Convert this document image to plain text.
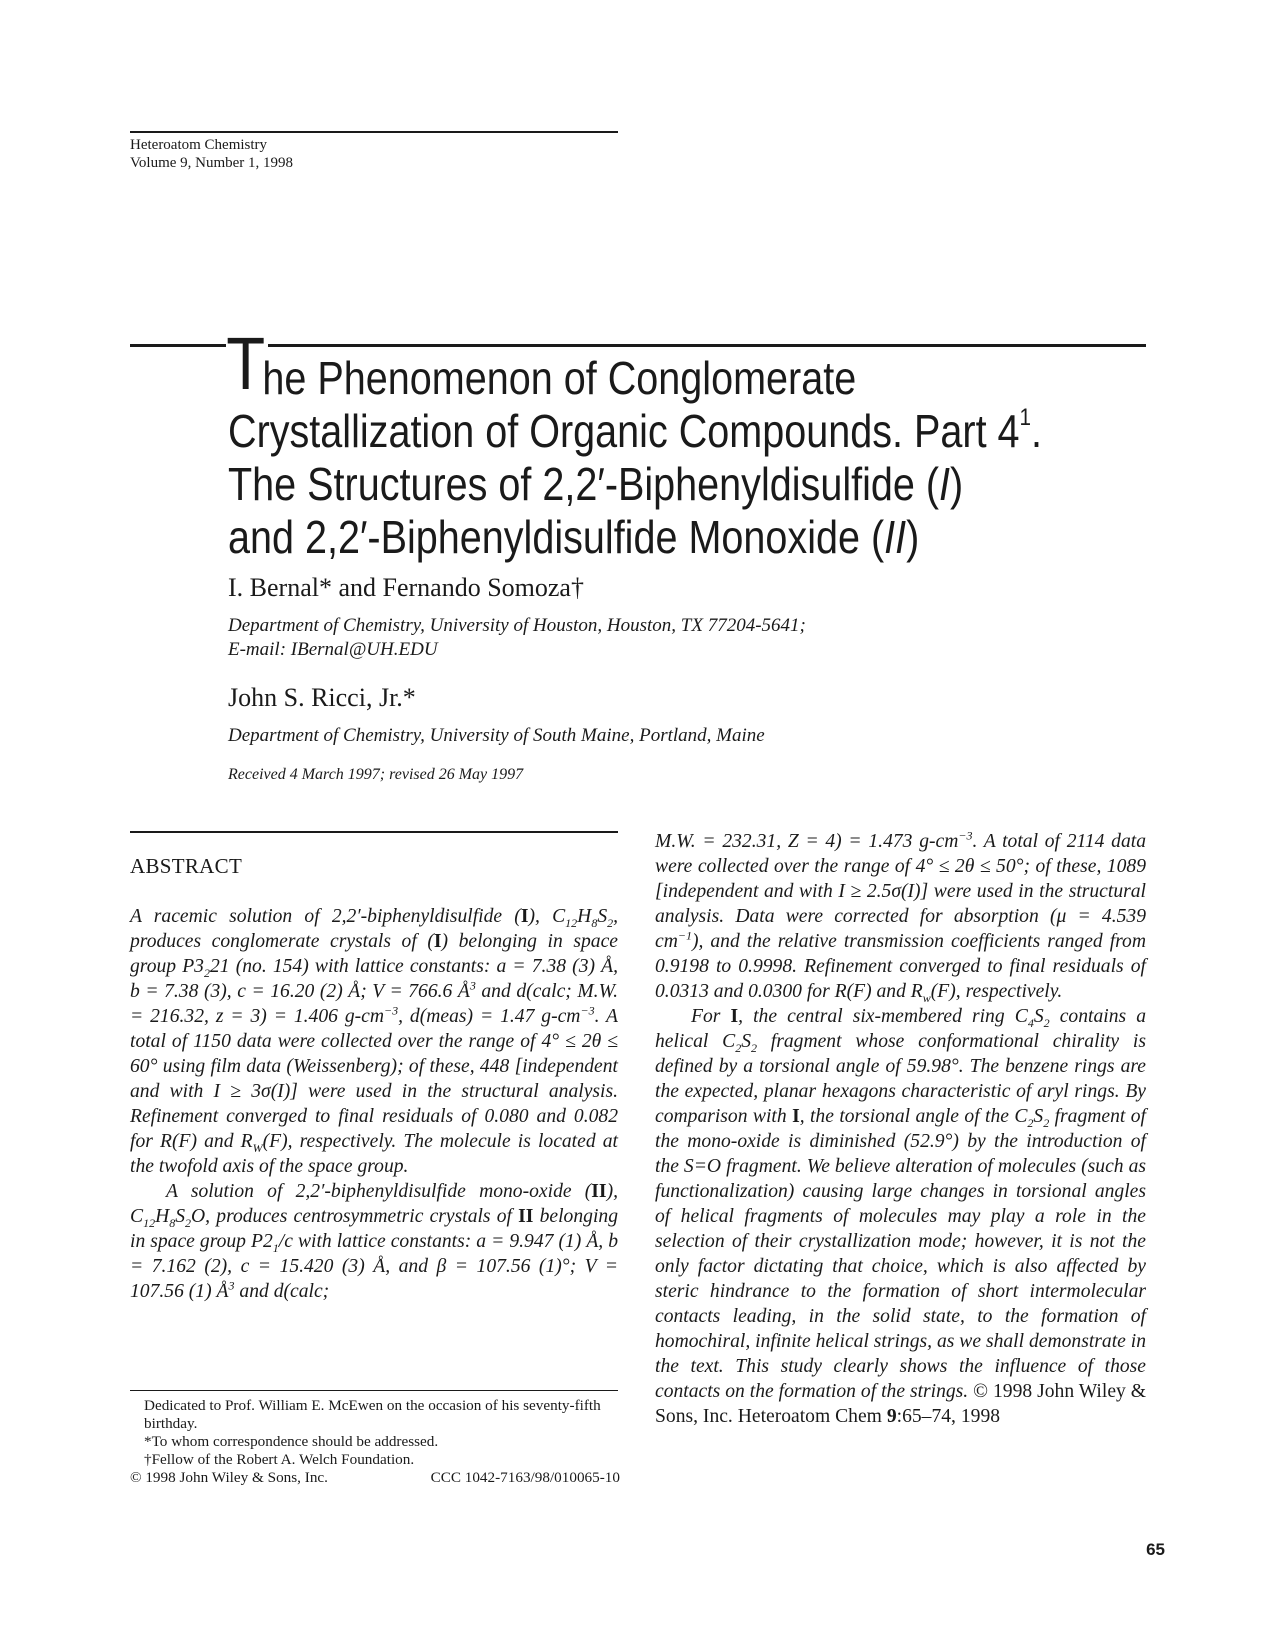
Heteroatom Chemistry
Volume 9, Number 1, 1998
T
he Phenomenon of Conglomerate
Crystallization of Organic Compounds. Part $4^1$.
The Structures of 2,2′-Biphenyldisulfide (I)
and 2,2′-Biphenyldisulfide Monoxide (II)
I. Bernal* and Fernando Somoza†
Department of Chemistry, University of Houston, Houston, TX 77204-5641;
E-mail: IBernal@UH.EDU
John S. Ricci, Jr.*
Department of Chemistry, University of South Maine, Portland, Maine
Received 4 March 1997; revised 26 May 1997
ABSTRACT

A racemic solution of 2,2′-biphenyldisulfide (I), $C_{12}H_8S_2$, produces conglomerate crystals of (I) belonging in space group $P3_221$ (no. 154) with lattice constants: a = 7.38 (3) Å, b = 7.38 (3), c = 16.20 (2) Å; V = 766.6 $Å^3$ and d(calc; M.W. = 216.32, z = 3) = 1.406 $g-cm^{-3}$, d(meas) = 1.47 $g-cm^{-3}$. A total of 1150 data were collected over the range of 4° ≤ 2θ ≤ 60° using film data (Weissenberg); of these, 448 [independent and with I ≥ 3σ(I)] were used in the structural analysis. Refinement converged to final residuals of 0.080 and 0.082 for R(F) and $R_W(F)$, respectively. The molecule is located at the twofold axis of the space group.

A solution of 2,2′-biphenyldisulfide mono-oxide (II), $C_{12}H_8S_2O$, produces centrosymmetric crystals of II belonging in space group $P2_1/c$ with lattice constants: a = 9.947 (1) Å, b = 7.162 (2), c = 15.420 (3) Å, and β = 107.56 (1)°; V = 107.56 (1) $Å^3$ and d(calc;

M.W. = 232.31, Z = 4) = 1.473 $g-cm^{-3}$. A total of 2114 data were collected over the range of 4° ≤ 2θ ≤ 50°; of these, 1089 [independent and with I ≥ 2.5σ(I)] were used in the structural analysis. Data were corrected for absorption (μ = 4.539 $cm^{-1}$), and the relative transmission coefficients ranged from 0.9198 to 0.9998. Refinement converged to final residuals of 0.0313 and 0.0300 for R(F) and $R_w(F)$, respectively.

For I, the central six-membered ring $C_4S_2$ contains a helical $C_2S_2$ fragment whose conformational chirality is defined by a torsional angle of 59.98°. The benzene rings are the expected, planar hexagons characteristic of aryl rings. By comparison with I, the torsional angle of the $C_2S_2$ fragment of the mono-oxide is diminished (52.9°) by the introduction of the S=O fragment. We believe alteration of molecules (such as functionalization) causing large changes in torsional angles of helical fragments of molecules may play a role in the selection of their crystallization mode; however, it is not the only factor dictating that choice, which is also affected by steric hindrance to the formation of short intermolecular contacts leading, in the solid state, to the formation of homochiral, infinite helical strings, as we shall demonstrate in the text. This study clearly shows the influence of those contacts on the formation of the strings. © 1998 John Wiley & Sons, Inc. Heteroatom Chem 9:65–74, 1998

Dedicated to Prof. William E. McEwen on the occasion of his seventy-fifth birthday.

*To whom correspondence should be addressed.

†Fellow of the Robert A. Welch Foundation.

© 1998 John Wiley & Sons, Inc.	CCC 1042-7163/98/010065-10
65
